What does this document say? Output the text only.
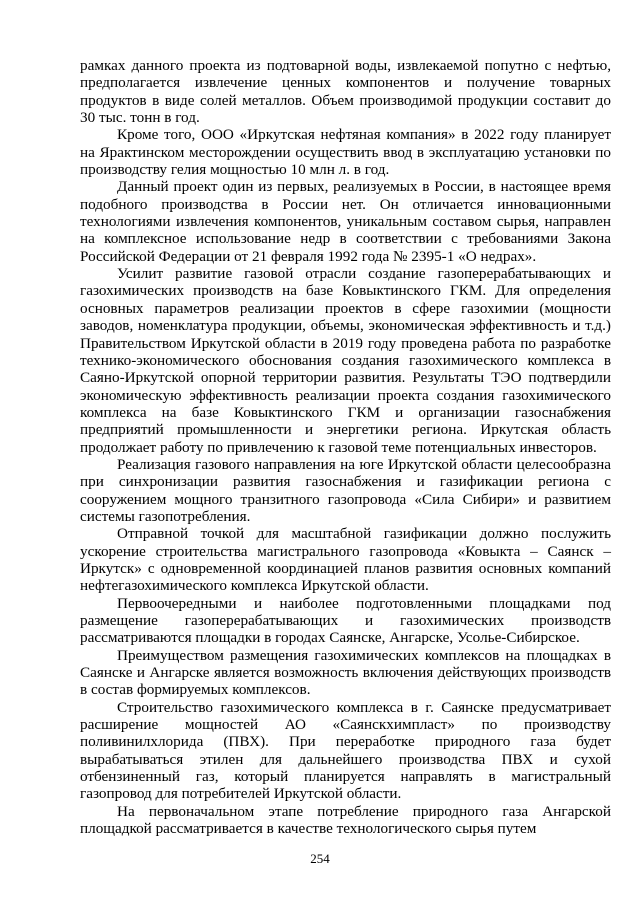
рамках данного проекта из подтоварной воды, извлекаемой попутно с нефтью, предполагается извлечение ценных компонентов и получение товарных продуктов в виде солей металлов. Объем производимой продукции составит до 30 тыс. тонн в год.

Кроме того, ООО «Иркутская нефтяная компания» в 2022 году планирует на Ярактинском месторождении осуществить ввод в эксплуатацию установки по производству гелия мощностью 10 млн л. в год.

Данный проект один из первых, реализуемых в России, в настоящее время подобного производства в России нет. Он отличается инновационными технологиями извлечения компонентов, уникальным составом сырья, направлен на комплексное использование недр в соответствии с требованиями Закона Российской Федерации от 21 февраля 1992 года № 2395-1 «О недрах».

Усилит развитие газовой отрасли создание газоперерабатывающих и газохимических производств на базе Ковыктинского ГКМ. Для определения основных параметров реализации проектов в сфере газохимии (мощности заводов, номенклатура продукции, объемы, экономическая эффективность и т.д.) Правительством Иркутской области в 2019 году проведена работа по разработке технико-экономического обоснования создания газохимического комплекса в Саяно-Иркутской опорной территории развития. Результаты ТЭО подтвердили экономическую эффективность реализации проекта создания газохимического комплекса на базе Ковыктинского ГКМ и организации газоснабжения предприятий промышленности и энергетики региона. Иркутская область продолжает работу по привлечению к газовой теме потенциальных инвесторов.

Реализация газового направления на юге Иркутской области целесообразна при синхронизации развития газоснабжения и газификации региона с сооружением мощного транзитного газопровода «Сила Сибири» и развитием системы газопотребления.

Отправной точкой для масштабной газификации должно послужить ускорение строительства магистрального газопровода «Ковыкта – Саянск – Иркутск» с одновременной координацией планов развития основных компаний нефтегазохимического комплекса Иркутской области.

Первоочередными и наиболее подготовленными площадками под размещение газоперерабатывающих и газохимических производств рассматриваются площадки в городах Саянске, Ангарске, Усолье-Сибирское.

Преимуществом размещения газохимических комплексов на площадках в Саянске и Ангарске является возможность включения действующих производств в состав формируемых комплексов.

Строительство газохимического комплекса в г. Саянске предусматривает расширение мощностей АО «Саянскхимпласт» по производству поливинилхлорида (ПВХ). При переработке природного газа будет вырабатываться этилен для дальнейшего производства ПВХ и сухой отбензиненный газ, который планируется направлять в магистральный газопровод для потребителей Иркутской области.

На первоначальном этапе потребление природного газа Ангарской площадкой рассматривается в качестве технологического сырья путем

254
